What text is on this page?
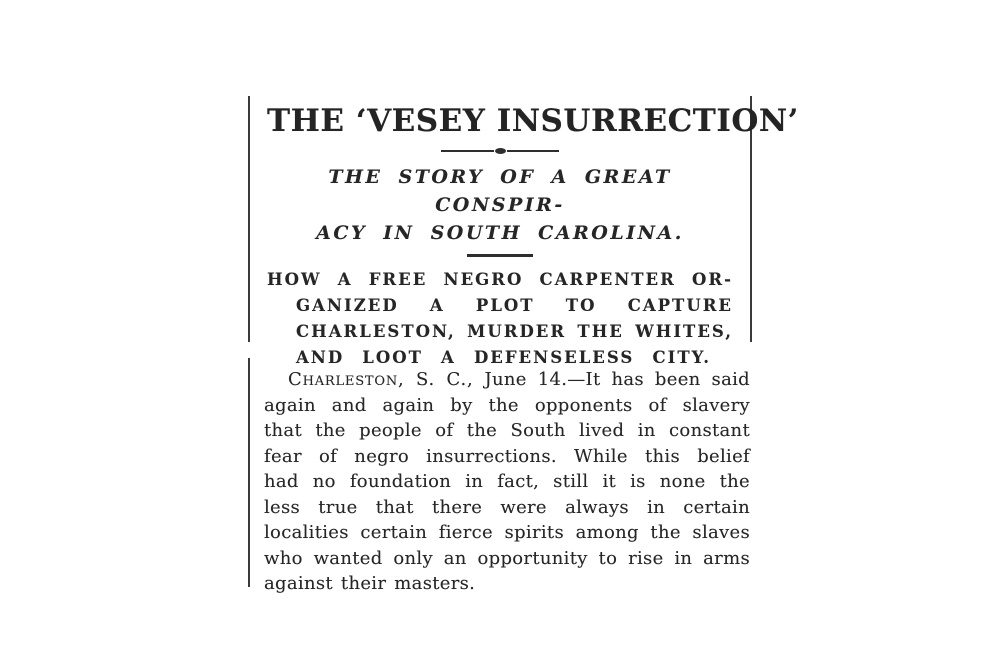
THE ‘VESEY INSURRECTION’
THE STORY OF A GREAT CONSPIR-
ACY IN SOUTH CAROLINA.
HOW A FREE NEGRO CARPENTER OR-
GANIZED A PLOT TO CAPTURE
CHARLESTON, MURDER THE WHITES,
AND LOOT A DEFENSELESS CITY.
Charleston, S. C., June 14.—It has been said
again and again by the opponents of slavery
that the people of the South lived in constant
fear of negro insurrections. While this belief
had no foundation in fact, still it is none the
less true that there were always in certain
localities certain fierce spirits among the slaves
who wanted only an opportunity to rise in arms
against their masters.
